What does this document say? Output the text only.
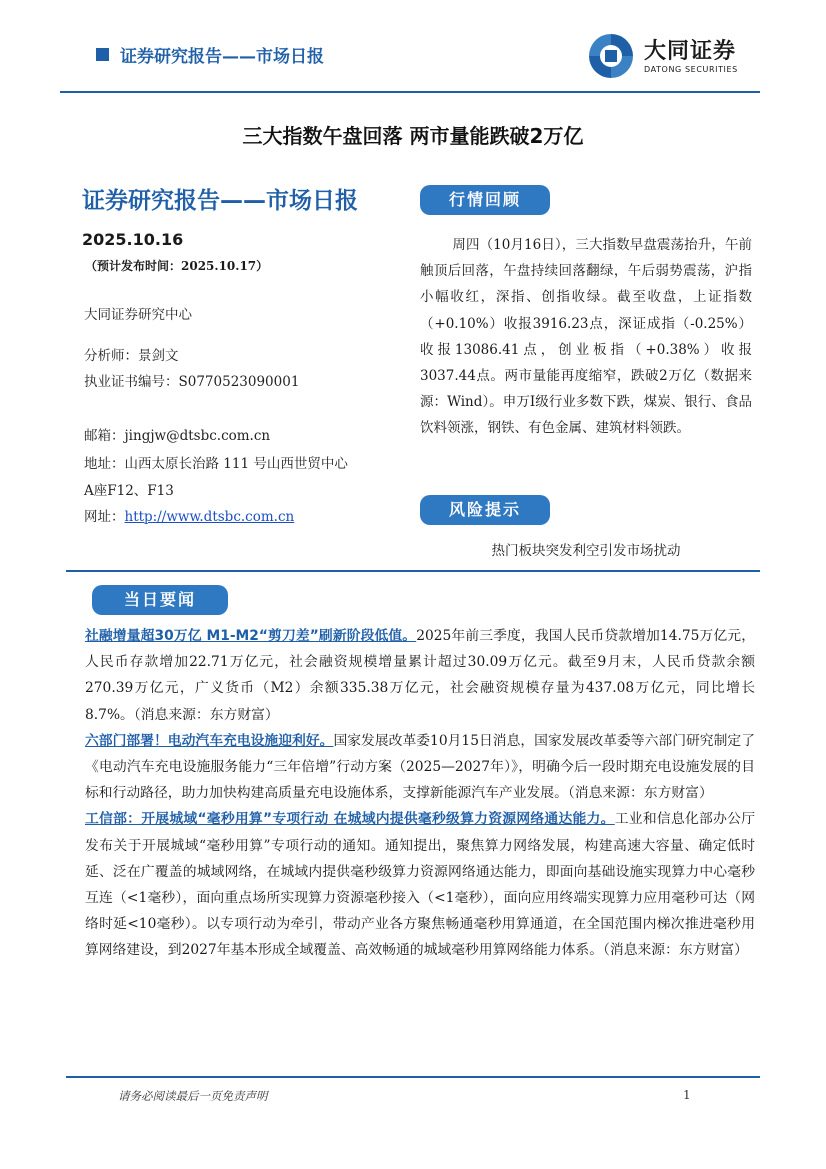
证券研究报告——市场日报	大同证券
DATONG SECURITIES
三大指数午盘回落 两市量能跌破2万亿
证券研究报告——市场日报
2025.10.16
（预计发布时间：2025.10.17）
大同证券研究中心
分析师：景剑文
执业证书编号：S0770523090001
邮箱：jingjw@dtsbc.com.cn
地址：山西太原长治路 111 号山西世贸中心
A座F12、F13
网址：http://www.dtsbc.com.cn
行情回顾
周四（10月16日），三大指数早盘震荡抬升，午前触顶后回落，午盘持续回落翻绿，午后弱势震荡，沪指小幅收红，深指、创指收绿。截至收盘，上证指数（+0.10%）收报3916.23点，深证成指（-0.25%）收报13086.41点，创业板指（+0.38%）收报3037.44点。两市量能再度缩窄，跌破2万亿（数据来源：Wind）。申万Ⅰ级行业多数下跌，煤炭、银行、食品饮料领涨，钢铁、有色金属、建筑材料领跌。
风险提示
热门板块突发利空引发市场扰动
当日要闻
社融增量超30万亿 M1-M2“剪刀差”刷新阶段低值。2025年前三季度，我国人民币贷款增加14.75万亿元，人民币存款增加22.71万亿元，社会融资规模增量累计超过30.09万亿元。截至9月末，人民币贷款余额270.39万亿元，广义货币（M2）余额335.38万亿元，社会融资规模存量为437.08万亿元，同比增长8.7%。（消息来源：东方财富）
六部门部署！电动汽车充电设施迎利好。国家发展改革委10月15日消息，国家发展改革委等六部门研究制定了《电动汽车充电设施服务能力“三年倍增”行动方案（2025—2027年）》，明确今后一段时期充电设施发展的目标和行动路径，助力加快构建高质量充电设施体系，支撑新能源汽车产业发展。（消息来源：东方财富）
工信部：开展城域“毫秒用算”专项行动 在城域内提供毫秒级算力资源网络通达能力。工业和信息化部办公厅发布关于开展城域“毫秒用算”专项行动的通知。通知提出，聚焦算力网络发展，构建高速大容量、确定低时延、泛在广覆盖的城域网络，在城域内提供毫秒级算力资源网络通达能力，即面向基础设施实现算力中心毫秒互连（<1毫秒），面向重点场所实现算力资源毫秒接入（<1毫秒），面向应用终端实现算力应用毫秒可达（网络时延<10毫秒）。以专项行动为牵引，带动产业各方聚焦畅通毫秒用算通道，在全国范围内梯次推进毫秒用算网络建设，到2027年基本形成全域覆盖、高效畅通的城域毫秒用算网络能力体系。（消息来源：东方财富）
请务必阅读最后一页免责声明	1
